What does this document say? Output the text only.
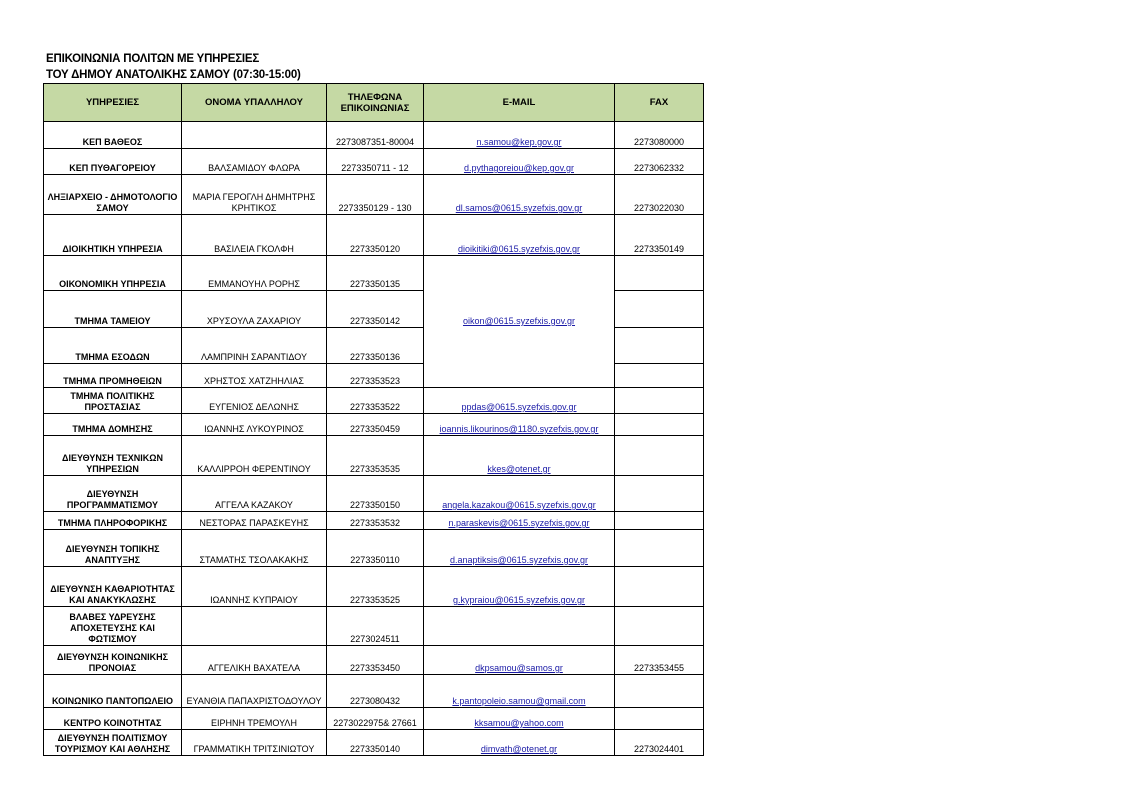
ΕΠΙΚΟΙΝΩΝΙΑ ΠΟΛΙΤΩΝ ΜΕ ΥΠΗΡΕΣΙΕΣ
ΤΟΥ ΔΗΜΟΥ ΑΝΑΤΟΛΙΚΗΣ ΣΑΜΟΥ (07:30-15:00)
ΥΠΗΡΕΣΙΕΣ	ΟΝΟΜΑ ΥΠΑΛΛΗΛΟΥ	ΤΗΛΕΦΩΝΑ
ΕΠΙΚΟΙΝΩΝΙΑΣ	E-MAIL	FAX
ΚΕΠ ΒΑΘΕΟΣ		2273087351-80004	n.samou@kep.gov.gr	2273080000
ΚΕΠ ΠΥΘΑΓΟΡΕΙΟΥ	ΒΑΛΣΑΜΙΔΟΥ ΦΛΩΡΑ	2273350711 - 12	d.pythagoreiou@kep.gov.gr	2273062332
ΛΗΞΙΑΡΧΕΙΟ - ΔΗΜΟΤΟΛΟΓΙΟ ΣΑΜΟΥ	ΜΑΡΙΑ ΓΕΡΟΓΛΗ ΔΗΜΗΤΡΗΣ ΚΡΗΤΙΚΟΣ	2273350129 - 130	dl.samos@0615.syzefxis.gov.gr	2273022030
ΔΙΟΙΚΗΤΙΚΗ ΥΠΗΡΕΣΙΑ	ΒΑΣΙΛΕΙΑ ΓΚΟΛΦΗ	2273350120	dioikitiki@0615.syzefxis.gov.gr	2273350149
ΟΙΚΟΝΟΜΙΚΗ ΥΠΗΡΕΣΙΑ	ΕΜΜΑΝΟΥΗΛ ΡΟΡΗΣ	2273350135	oikon@0615.syzefxis.gov.gr	
ΤΜΗΜΑ ΤΑΜΕΙΟΥ	ΧΡΥΣΟΥΛΑ ΖΑΧΑΡΙΟΥ	2273350142		
ΤΜΗΜΑ ΕΣΟΔΩΝ	ΛΑΜΠΡΙΝΗ ΣΑΡΑΝΤΙΔΟΥ	2273350136		
ΤΜΗΜΑ ΠΡΟΜΗΘΕΙΩΝ	ΧΡΗΣΤΟΣ ΧΑΤΖΗΗΛΙΑΣ	2273353523		
ΤΜΗΜΑ ΠΟΛΙΤΙΚΗΣ ΠΡΟΣΤΑΣΙΑΣ	ΕΥΓΕΝΙΟΣ ΔΕΛΩΝΗΣ	2273353522	ppdas@0615.syzefxis.gov.gr	
ΤΜΗΜΑ ΔΟΜΗΣΗΣ	ΙΩΑΝΝΗΣ ΛΥΚΟΥΡΙΝΟΣ	2273350459	ioannis.likourinos@1180.syzefxis.gov.gr	
ΔΙΕΥΘΥΝΣΗ ΤΕΧΝΙΚΩΝ ΥΠΗΡΕΣΙΩΝ	ΚΑΛΛΙΡΡΟΗ ΦΕΡΕΝΤΙΝΟΥ	2273353535	kkes@otenet.gr	
ΔΙΕΥΘΥΝΣΗ ΠΡΟΓΡΑΜΜΑΤΙΣΜΟΥ	ΑΓΓΕΛΑ ΚΑΖΑΚΟΥ	2273350150	angela.kazakou@0615.syzefxis.gov.gr	
ΤΜΗΜΑ ΠΛΗΡΟΦΟΡΙΚΗΣ	ΝΕΣΤΟΡΑΣ ΠΑΡΑΣΚΕΥΗΣ	2273353532	n.paraskevis@0615.syzefxis.gov.gr	
ΔΙΕΥΘΥΝΣΗ ΤΟΠΙΚΗΣ ΑΝΑΠΤΥΞΗΣ	ΣΤΑΜΑΤΗΣ ΤΣΟΛΑΚΑΚΗΣ	2273350110	d.anaptiksis@0615.syzefxis.gov.gr	
ΔΙΕΥΘΥΝΣΗ ΚΑΘΑΡΙΟΤΗΤΑΣ ΚΑΙ ΑΝΑΚΥΚΛΩΣΗΣ	ΙΩΑΝΝΗΣ ΚΥΠΡΑΙΟΥ	2273353525	g.kypraiou@0615.syzefxis.gov.gr	
ΒΛΑΒΕΣ ΥΔΡΕΥΣΗΣ ΑΠΟΧΕΤΕΥΣΗΣ ΚΑΙ ΦΩΤΙΣΜΟΥ		2273024511		
ΔΙΕΥΘΥΝΣΗ ΚΟΙΝΩΝΙΚΗΣ ΠΡΟΝΟΙΑΣ	ΑΓΓΕΛΙΚΗ ΒΑΧΑΤΕΛΑ	2273353450	dkpsamou@samos.gr	2273353455
ΚΟΙΝΩΝΙΚΟ ΠΑΝΤΟΠΩΛΕΙΟ	ΕΥΑΝΘΙΑ ΠΑΠΑΧΡΙΣΤΟΔΟΥΛΟΥ	2273080432	k.pantopoleio.samou@gmail.com	
ΚΕΝΤΡΟ ΚΟΙΝΟΤΗΤΑΣ	ΕΙΡΗΝΗ ΤΡΕΜΟΥΛΗ	2273022975& 27661	kksamou@yahoo.com	
ΔΙΕΥΘΥΝΣΗ ΠΟΛΙΤΙΣΜΟΥ ΤΟΥΡΙΣΜΟΥ ΚΑΙ ΑΘΛΗΣΗΣ	ΓΡΑΜΜΑΤΙΚΗ ΤΡΙΤΣΙΝΙΩΤΟΥ	2273350140	dimvath@otenet.gr	2273024401
